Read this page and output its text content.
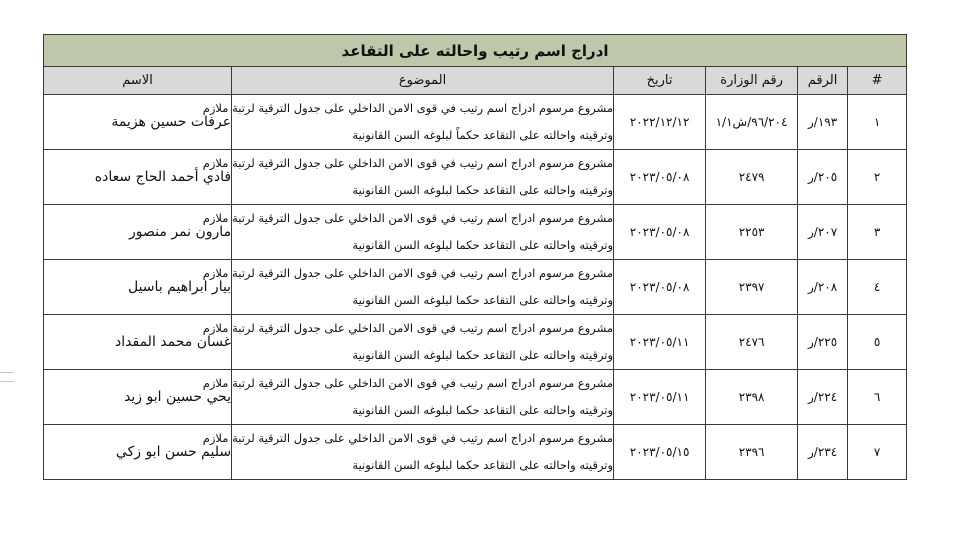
ادراج اسم رتيب واحالته على التقاعد					
#	الرقم	رقم الوزارة	تاريخ	الموضوع	الاسم
١	١٩٣/ر	٩٦/٢٠٤/ش١/١	٢٠٢٢/١٢/١٢	مشروع مرسوم ادراج اسم رتيب في قوى الامن الداخلي على جدول الترقية لرتبة ملازم
وترقيته واحالته على التقاعد حكماً لبلوغه السن القانونية	عرفات حسين هزيمة
٢	٢٠٥/ر	٢٤٧٩	٢٠٢٣/٠٥/٠٨	مشروع مرسوم ادراج اسم رتيب في قوى الامن الداخلي على جدول الترقية لرتبة ملازم
وترقيته واحالته على التقاعد حكما لبلوغه السن القانونية	فادي أحمد الحاج سعاده
٣	٢٠٧/ر	٢٢٥٣	٢٠٢٣/٠٥/٠٨	مشروع مرسوم ادراج اسم رتيب في قوى الامن الداخلي على جدول الترقية لرتبة ملازم
وترقيته واحالته على التقاعد حكما لبلوغه السن القانونية	مارون نمر منصور
٤	٢٠٨/ر	٢٣٩٧	٢٠٢٣/٠٥/٠٨	مشروع مرسوم ادراج اسم رتيب في قوى الامن الداخلي على جدول الترقية لرتبة ملازم
وترقيته واحالته على التقاعد حكما لبلوغه السن القانونية	بيار ابراهيم باسيل
٥	٢٢٥/ر	٢٤٧٦	٢٠٢٣/٠٥/١١	مشروع مرسوم ادراج اسم رتيب في قوى الامن الداخلي على جدول الترقية لرتبة ملازم
وترقيته واحالته على التقاعد حكما لبلوغه السن القانونية	غسان محمد المقداد
٦	٢٢٤/ر	٢٣٩٨	٢٠٢٣/٠٥/١١	مشروع مرسوم ادراج اسم رتيب في قوى الامن الداخلي على جدول الترقية لرتبة ملازم
وترقيته واحالته على التقاعد حكما لبلوغه السن القانونية	يحي حسين ابو زيد
٧	٢٣٤/ر	٢٣٩٦	٢٠٢٣/٠٥/١٥	مشروع مرسوم ادراج اسم رتيب في قوى الامن الداخلي على جدول الترقية لرتبة ملازم
وترقيته واحالته على التقاعد حكما لبلوغه السن القانونية	سليم حسن ابو زكي
